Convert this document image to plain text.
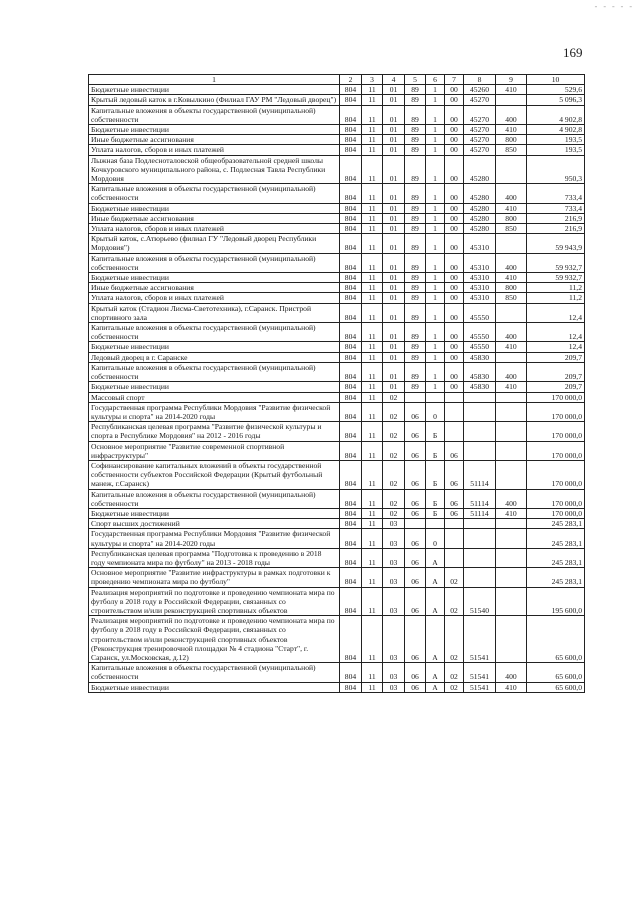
- - - - -
169
1	2	3	4	5	6	7	8	9	10
Бюджетные инвестиции	804	11	01	89	1	00	45260	410	529,6
Крытый ледовый каток в г.Ковылкино (Филиал ГАУ РМ "Ледовый дворец")	804	11	01	89	1	00	45270		5 096,3
Капитальные вложения в объекты государственной (муниципальной) собственности	804	11	01	89	1	00	45270	400	4 902,8
Бюджетные инвестиции	804	11	01	89	1	00	45270	410	4 902,8
Иные бюджетные ассигнования	804	11	01	89	1	00	45270	800	193,5
Уплата налогов, сборов и иных платежей	804	11	01	89	1	00	45270	850	193,5
Лыжная база Подлесноталовской общеобразовательной средней школы Кочкуровского муниципального района, с. Подлесная Тавла Республики Мордовия	804	11	01	89	1	00	45280		950,3
Капитальные вложения в объекты государственной (муниципальной) собственности	804	11	01	89	1	00	45280	400	733,4
Бюджетные инвестиции	804	11	01	89	1	00	45280	410	733,4
Иные бюджетные ассигнования	804	11	01	89	1	00	45280	800	216,9
Уплата налогов, сборов и иных платежей	804	11	01	89	1	00	45280	850	216,9
Крытый каток, с.Атюрьево (филиал ГУ "Ледовый дворец Республики Мордовия")	804	11	01	89	1	00	45310		59 943,9
Капитальные вложения в объекты государственной (муниципальной) собственности	804	11	01	89	1	00	45310	400	59 932,7
Бюджетные инвестиции	804	11	01	89	1	00	45310	410	59 932,7
Иные бюджетные ассигнования	804	11	01	89	1	00	45310	800	11,2
Уплата налогов, сборов и иных платежей	804	11	01	89	1	00	45310	850	11,2
Крытый каток (Стадион Лисма-Светотехника), г.Саранск. Пристрой спортивного зала	804	11	01	89	1	00	45550		12,4
Капитальные вложения в объекты государственной (муниципальной) собственности	804	11	01	89	1	00	45550	400	12,4
Бюджетные инвестиции	804	11	01	89	1	00	45550	410	12,4
Ледовый дворец в г. Саранске	804	11	01	89	1	00	45830		209,7
Капитальные вложения в объекты государственной (муниципальной) собственности	804	11	01	89	1	00	45830	400	209,7
Бюджетные инвестиции	804	11	01	89	1	00	45830	410	209,7
Массовый спорт	804	11	02						170 000,0
Государственная программа Республики Мордовия "Развитие физической культуры и спорта" на 2014-2020 годы	804	11	02	06	0				170 000,0
Республиканская целевая программа "Развитие физической культуры и спорта в Республике Мордовия" на 2012 - 2016 годы	804	11	02	06	Б				170 000,0
Основное мероприятие "Развитие современной спортивной инфраструктуры"	804	11	02	06	Б	06			170 000,0
Софинансирование капитальных вложений в объекты государственной собственности субъектов Российской Федерации (Крытый футбольный манеж, г.Саранск)	804	11	02	06	Б	06	51114		170 000,0
Капитальные вложения в объекты государственной (муниципальной) собственности	804	11	02	06	Б	06	51114	400	170 000,0
Бюджетные инвестиции	804	11	02	06	Б	06	51114	410	170 000,0
Спорт высших достижений	804	11	03						245 283,1
Государственная программа Республики Мордовия "Развитие физической культуры и спорта" на 2014-2020 годы	804	11	03	06	0				245 283,1
Республиканская целевая программа "Подготовка к проведению в 2018 году чемпионата мира по футболу" на 2013 - 2018 годы	804	11	03	06	А				245 283,1
Основное мероприятие "Развитие инфраструктуры в рамках подготовки к проведению чемпионата мира по футболу"	804	11	03	06	А	02			245 283,1
Реализация мероприятий по подготовке и проведению чемпионата мира по футболу в 2018 году в Российской Федерации, связанных со строительством и/или реконструкцией спортивных объектов	804	11	03	06	А	02	51540		195 600,0
Реализация мероприятий по подготовке и проведению чемпионата мира по футболу в 2018 году в Российской Федерации, связанных со строительством и/или реконструкцией спортивных объектов (Реконструкция тренировочной площадки № 4 стадиона "Старт", г. Саранск, ул.Московская, д.12)	804	11	03	06	А	02	51541		65 600,0
Капитальные вложения в объекты государственной (муниципальной) собственности	804	11	03	06	А	02	51541	400	65 600,0
Бюджетные инвестиции	804	11	03	06	А	02	51541	410	65 600,0
